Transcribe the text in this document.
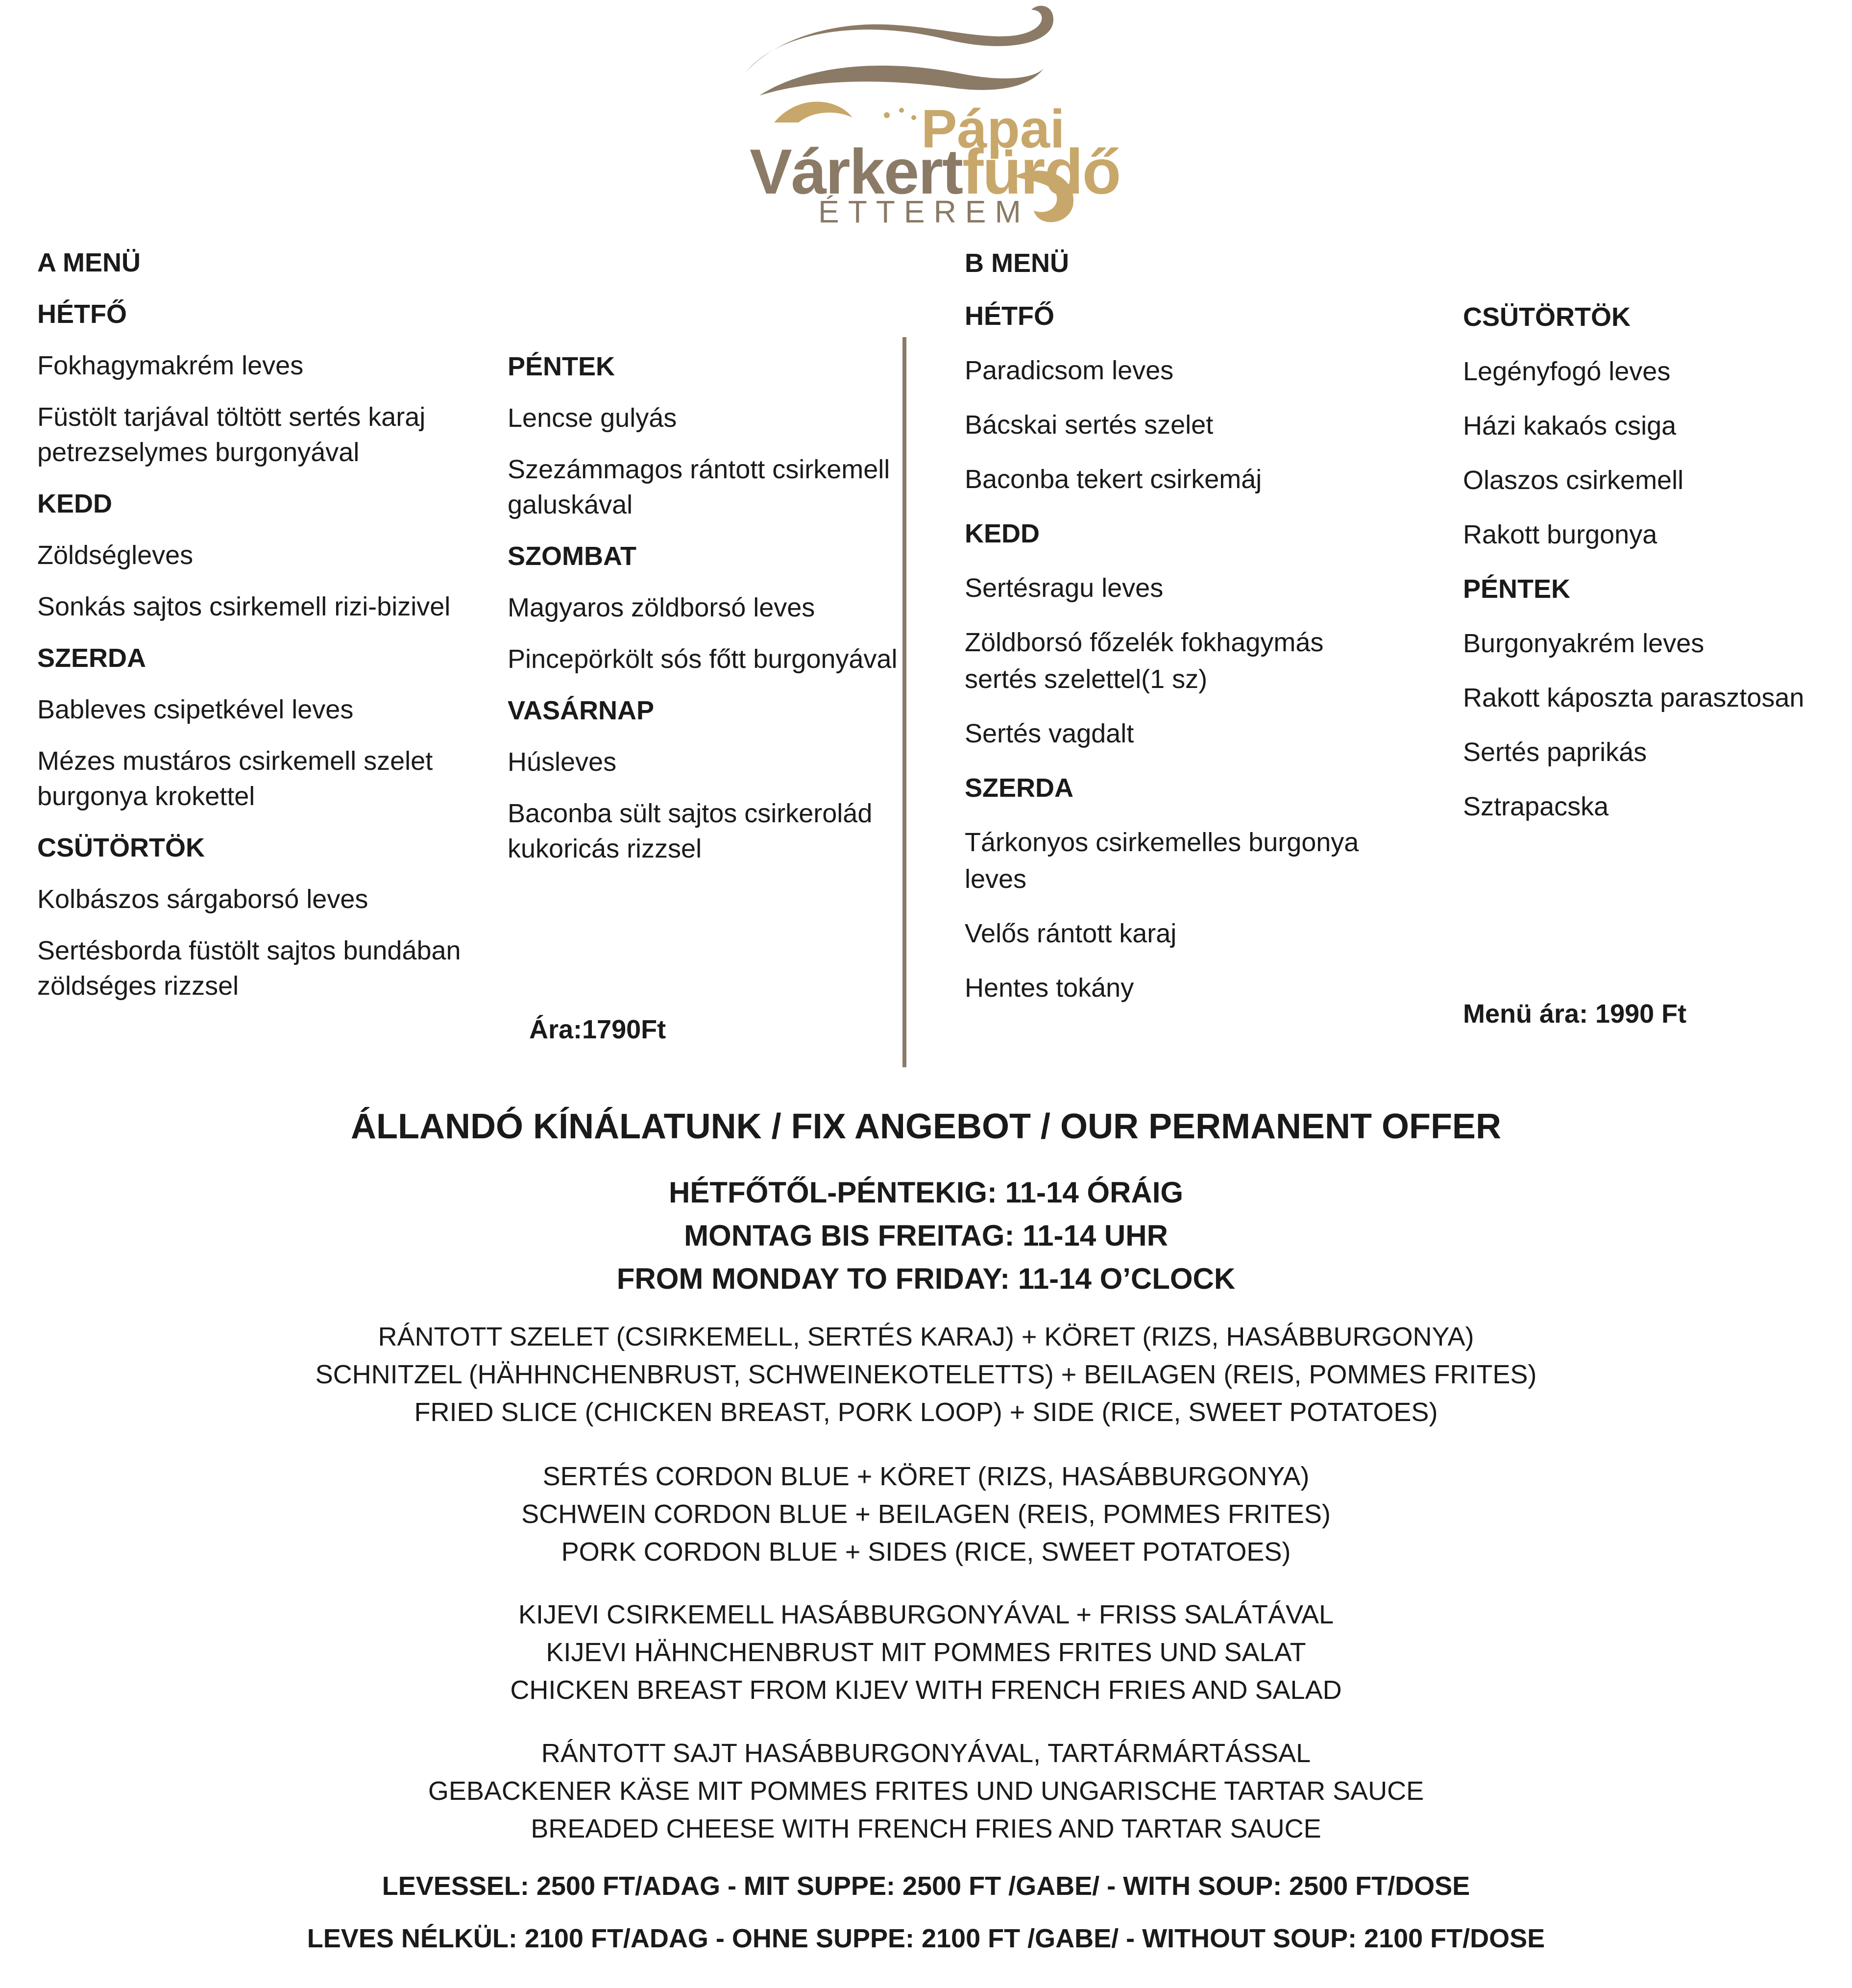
Pápai
Várkertfürdő
ÉTTEREM
A MENÜ
HÉTFŐ
Fokhagymakrém leves
Füstölt tarjával töltött sertés karaj petrezselymes burgonyával
KEDD
Zöldségleves
Sonkás sajtos csirkemell rizi-bizivel
SZERDA
Bableves csipetkével leves
Mézes mustáros csirkemell szelet burgonya krokettel
CSÜTÖRTÖK
Kolbászos sárgaborsó leves
Sertésborda füstölt sajtos bundában zöldséges rizzsel
PÉNTEK
Lencse gulyás
Szezámmagos rántott csirkemell galuskával
SZOMBAT
Magyaros zöldborsó leves
Pincepörkölt sós főtt burgonyával
VASÁRNAP
Húsleves
Baconba sült sajtos csirkerolád kukoricás rizzsel
Ára:1790Ft
B MENÜ
HÉTFŐ
Paradicsom leves
Bácskai sertés szelet
Baconba tekert csirkemáj
KEDD
Sertésragu leves
Zöldborsó főzelék fokhagymás sertés szelettel(1 sz)
Sertés vagdalt
SZERDA
Tárkonyos csirkemelles burgonya leves
Velős rántott karaj
Hentes tokány
CSÜTÖRTÖK
Legényfogó leves
Házi kakaós csiga
Olaszos csirkemell
Rakott burgonya
PÉNTEK
Burgonyakrém leves
Rakott káposzta parasztosan
Sertés paprikás
Sztrapacska
Menü ára: 1990 Ft
ÁLLANDÓ KÍNÁLATUNK / FIX ANGEBOT / OUR PERMANENT OFFER
HÉTFŐTŐL-PÉNTEKIG: 11-14 ÓRÁIG
MONTAG BIS FREITAG: 11-14 UHR
FROM MONDAY TO FRIDAY: 11-14 O’CLOCK
RÁNTOTT SZELET (CSIRKEMELL, SERTÉS KARAJ) + KÖRET (RIZS, HASÁBBURGONYA)
SCHNITZEL (HÄHHNCHENBRUST, SCHWEINEKOTELETTS) + BEILAGEN (REIS, POMMES FRITES)
FRIED SLICE (CHICKEN BREAST, PORK LOOP) + SIDE (RICE, SWEET POTATOES)
SERTÉS CORDON BLUE + KÖRET (RIZS, HASÁBBURGONYA)
SCHWEIN CORDON BLUE + BEILAGEN (REIS, POMMES FRITES)
PORK CORDON BLUE + SIDES (RICE, SWEET POTATOES)
KIJEVI CSIRKEMELL HASÁBBURGONYÁVAL + FRISS SALÁTÁVAL
KIJEVI HÄHNCHENBRUST MIT POMMES FRITES UND SALAT
CHICKEN BREAST FROM KIJEV WITH FRENCH FRIES AND SALAD
RÁNTOTT SAJT HASÁBBURGONYÁVAL, TARTÁRMÁRTÁSSAL
GEBACKENER KÄSE MIT POMMES FRITES UND UNGARISCHE TARTAR SAUCE
BREADED CHEESE WITH FRENCH FRIES AND TARTAR SAUCE
LEVESSEL: 2500 FT/ADAG - MIT SUPPE: 2500 FT /GABE/ - WITH SOUP: 2500 FT/DOSE
LEVES NÉLKÜL: 2100 FT/ADAG - OHNE SUPPE: 2100 FT /GABE/ - WITHOUT SOUP: 2100 FT/DOSE
